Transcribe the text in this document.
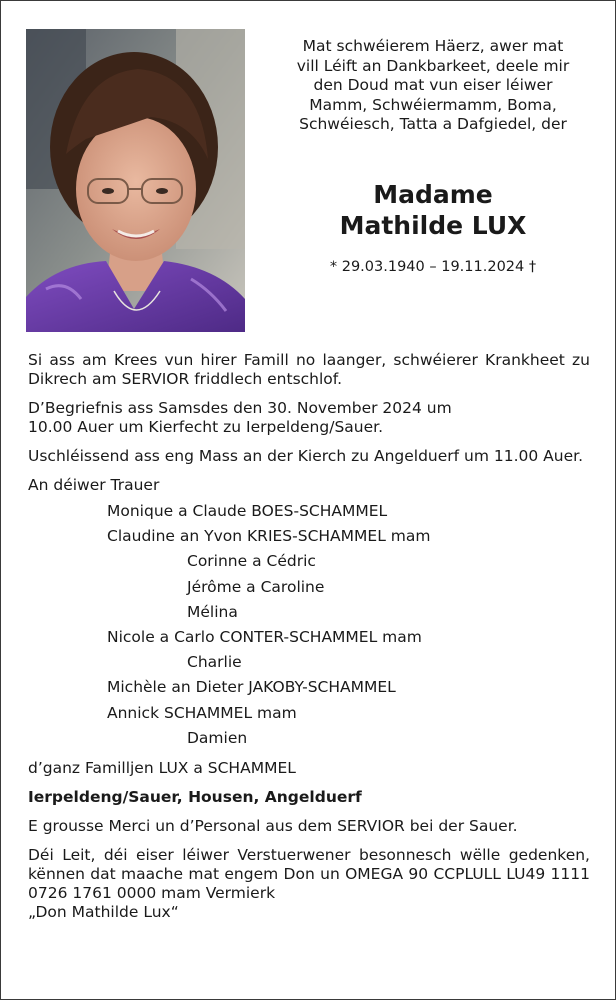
Mat schwéierem Häerz, awer mat
vill Léift an Dankbarkeet, deele mir
den Doud mat vun eiser léiwer
Mamm, Schwéiermamm, Boma,
Schwéiesch, Tatta a Dafgiedel, der
Madame
Mathilde LUX
* 29.03.1940 – 19.11.2024 †

Si ass am Krees vun hirer Famill no laanger, schwéierer Krankheet zu Dikrech am SERVIOR friddlech entschlof.

D’Begriefnis ass Samsdes den 30. November 2024 um
10.00 Auer um Kierfecht zu Ierpeldeng/Sauer.

Uschléissend ass eng Mass an der Kierch zu Angelduerf um 11.00 Auer.

An déiwer Trauer

Monique a Claude BOES-SCHAMMEL
Claudine an Yvon KRIES-SCHAMMEL mam
Corinne a Cédric
Jérôme a Caroline
Mélina
Nicole a Carlo CONTER-SCHAMMEL mam
Charlie
Michèle an Dieter JAKOBY-SCHAMMEL
Annick SCHAMMEL mam
Damien

d’ganz Familljen LUX a SCHAMMEL

Ierpeldeng/Sauer, Housen, Angelduerf

E grousse Merci un d’Personal aus dem SERVIOR bei der Sauer.

Déi Leit, déi eiser léiwer Verstuerwener besonnesch wëlle gedenken, kënnen dat maache mat engem Don un OMEGA 90 CCPLULL LU49 1111 0726 1761 0000 mam Vermierk

„Don Mathilde Lux“
